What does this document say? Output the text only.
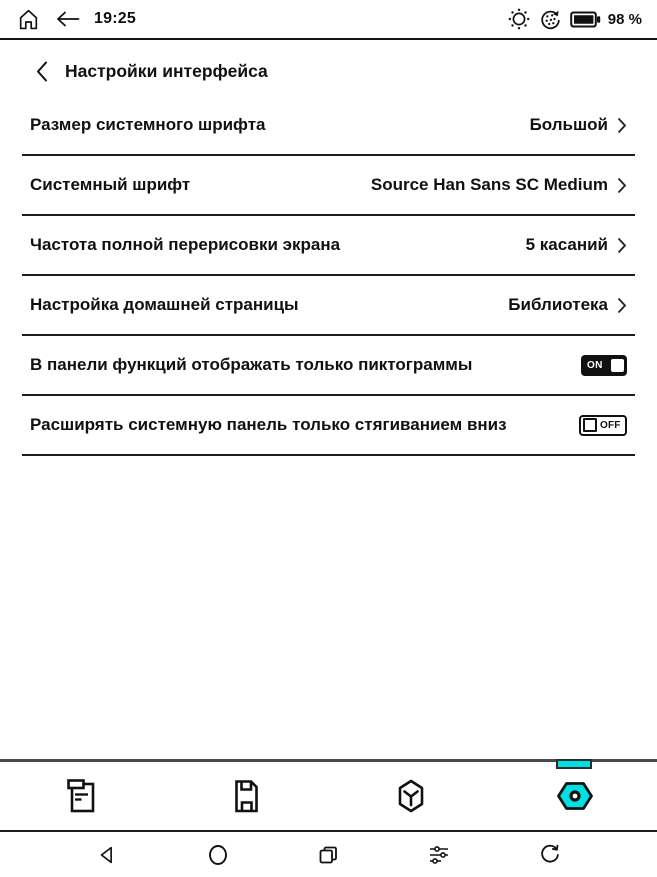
19:25	98 %
Настройки интерфейса
Размер системного шрифта	Большой
Системный шрифт	Source Han Sans SC Medium
Частота полной перерисовки экрана	5 касаний
Настройка домашней страницы	Библиотека
В панели функций отображать только пиктограммы	ON
Расширять системную панель только стягиванием вниз	OFF
